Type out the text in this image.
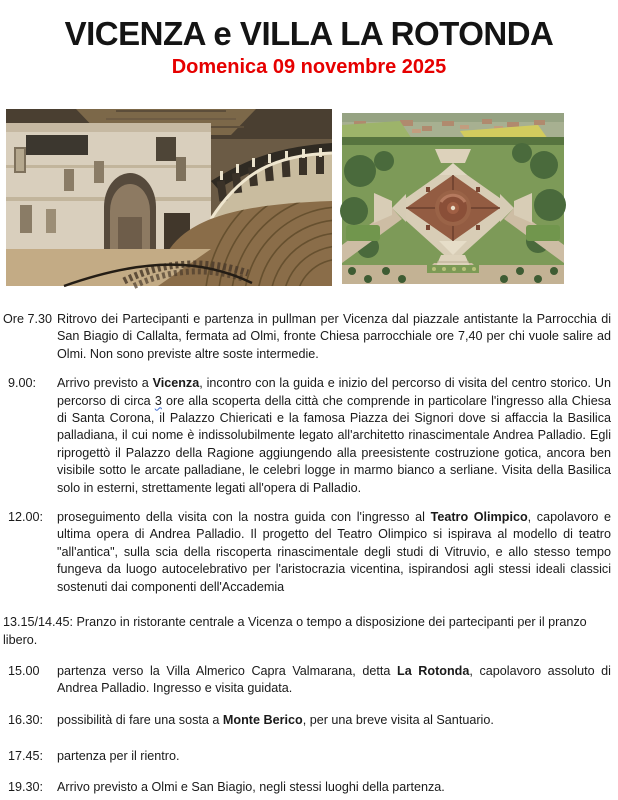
VICENZA e VILLA LA ROTONDA
Domenica 09 novembre 2025
Ore 7.30 Ritrovo dei Partecipanti e partenza in pullman per Vicenza dal piazzale antistante la Parrocchia di San Biagio di Callalta, fermata ad Olmi, fronte Chiesa parrocchiale ore 7,40 per chi vuole salire ad Olmi. Non sono previste altre soste intermedie.
9.00: Arrivo previsto a Vicenza, incontro con la guida e inizio del percorso di visita del centro storico. Un percorso di circa 3 ore alla scoperta della città che comprende in particolare l'ingresso alla Chiesa di Santa Corona, il Palazzo Chiericati e la famosa Piazza dei Signori dove si affaccia la Basilica palladiana, il cui nome è indissolubilmente legato all'architetto rinascimentale Andrea Palladio. Egli riprogettò il Palazzo della Ragione aggiungendo alla preesistente costruzione gotica, ancora ben visibile sotto le arcate palladiane, le celebri logge in marmo bianco a serliane. Visita della Basilica solo in esterni, strettamente legati all'opera di Palladio.
12.00: proseguimento della visita con la nostra guida con l'ingresso al Teatro Olimpico, capolavoro e ultima opera di Andrea Palladio. Il progetto del Teatro Olimpico si ispirava al modello di teatro "all'antica", sulla scia della riscoperta rinascimentale degli studi di Vitruvio, e allo stesso tempo fungeva da luogo autocelebrativo per l'aristocrazia vicentina, ispirandosi agli stessi ideali classici sostenuti dai componenti dell'Accademia
13.15/14.45: Pranzo in ristorante centrale a Vicenza o tempo a disposizione dei partecipanti per il pranzo libero.
15.00 partenza verso la Villa Almerico Capra Valmarana, detta La Rotonda, capolavoro assoluto di Andrea Palladio. Ingresso e visita guidata.
16.30: possibilità di fare una sosta a Monte Berico, per una breve visita al Santuario.
17.45: partenza per il rientro.
19.30: Arrivo previsto a Olmi e San Biagio, negli stessi luoghi della partenza.
